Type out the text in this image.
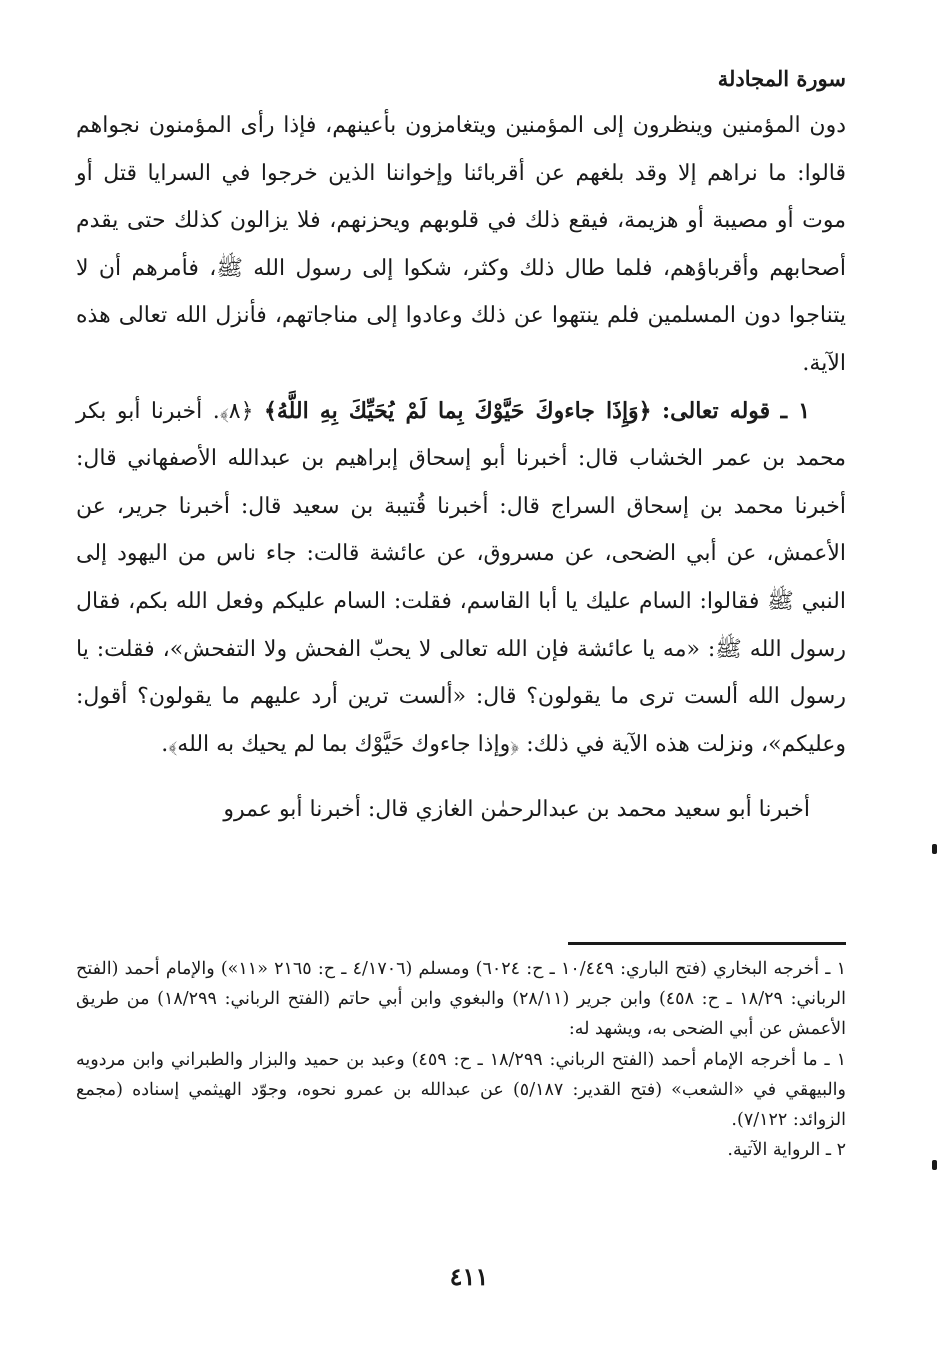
سورة المجادلة

دون المؤمنين وينظرون إلى المؤمنين ويتغامزون بأعينهم، فإذا رأى المؤمنون نجواهم قالوا: ما نراهم إلا وقد بلغهم عن أقربائنا وإخواننا الذين خرجوا في السرايا قتل أو موت أو مصيبة أو هزيمة، فيقع ذلك في قلوبهم ويحزنهم، فلا يزالون كذلك حتى يقدم أصحابهم وأقرباؤهم، فلما طال ذلك وكثر، شكوا إلى رسول الله ﷺ، فأمرهم أن لا يتناجوا دون المسلمين فلم ينتهوا عن ذلك وعادوا إلى مناجاتهم، فأنزل الله تعالى هذه الآية.

١ ـ قوله تعالى: ﴿وَإِذَا جاءوكَ حَيَّوْكَ بِما لَمْ يُحَيِّكَ بِهِ اللَّهُ﴾ ﴿٨﴾. أخبرنا أبو بكر محمد بن عمر الخشاب قال: أخبرنا أبو إسحاق إبراهيم بن عبدالله الأصفهاني قال: أخبرنا محمد بن إسحاق السراج قال: أخبرنا قُتيبة بن سعيد قال: أخبرنا جرير، عن الأعمش، عن أبي الضحى، عن مسروق، عن عائشة قالت: جاء ناس من اليهود إلى النبي ﷺ فقالوا: السام عليك يا أبا القاسم، فقلت: السام عليكم وفعل الله بكم، فقال رسول الله ﷺ: «مه يا عائشة فإن الله تعالى لا يحبّ الفحش ولا التفحش»، فقلت: يا رسول الله ألست ترى ما يقولون؟ قال: «ألست ترين أرد عليهم ما يقولون؟ أقول: وعليكم»، ونزلت هذه الآية في ذلك: ﴿وإذا جاءوك حَيَّوْك بما لم يحيك به الله﴾.

أخبرنا أبو سعيد محمد بن عبدالرحمٰن الغازي قال: أخبرنا أبو عمرو

١ ـ أخرجه البخاري (فتح الباري: ١٠/٤٤٩ ـ ح: ٦٠٢٤) ومسلم (٤/١٧٠٦ ـ ح: ٢١٦٥ «١١») والإمام أحمد (الفتح الرباني: ١٨/٢٩ ـ ح: ٤٥٨) وابن جرير (٢٨/١١) والبغوي وابن أبي حاتم (الفتح الرباني: ١٨/٢٩٩) من طريق الأعمش عن أبي الضحى به، ويشهد له:

١ ـ ما أخرجه الإمام أحمد (الفتح الرباني: ١٨/٢٩٩ ـ ح: ٤٥٩) وعبد بن حميد والبزار والطبراني وابن مردويه والبيهقي في «الشعب» (فتح القدير: ٥/١٨٧) عن عبدالله بن عمرو نحوه، وجوّد الهيثمي إسناده (مجمع الزوائد: ٧/١٢٢).

٢ ـ الرواية الآتية.

٤١١
